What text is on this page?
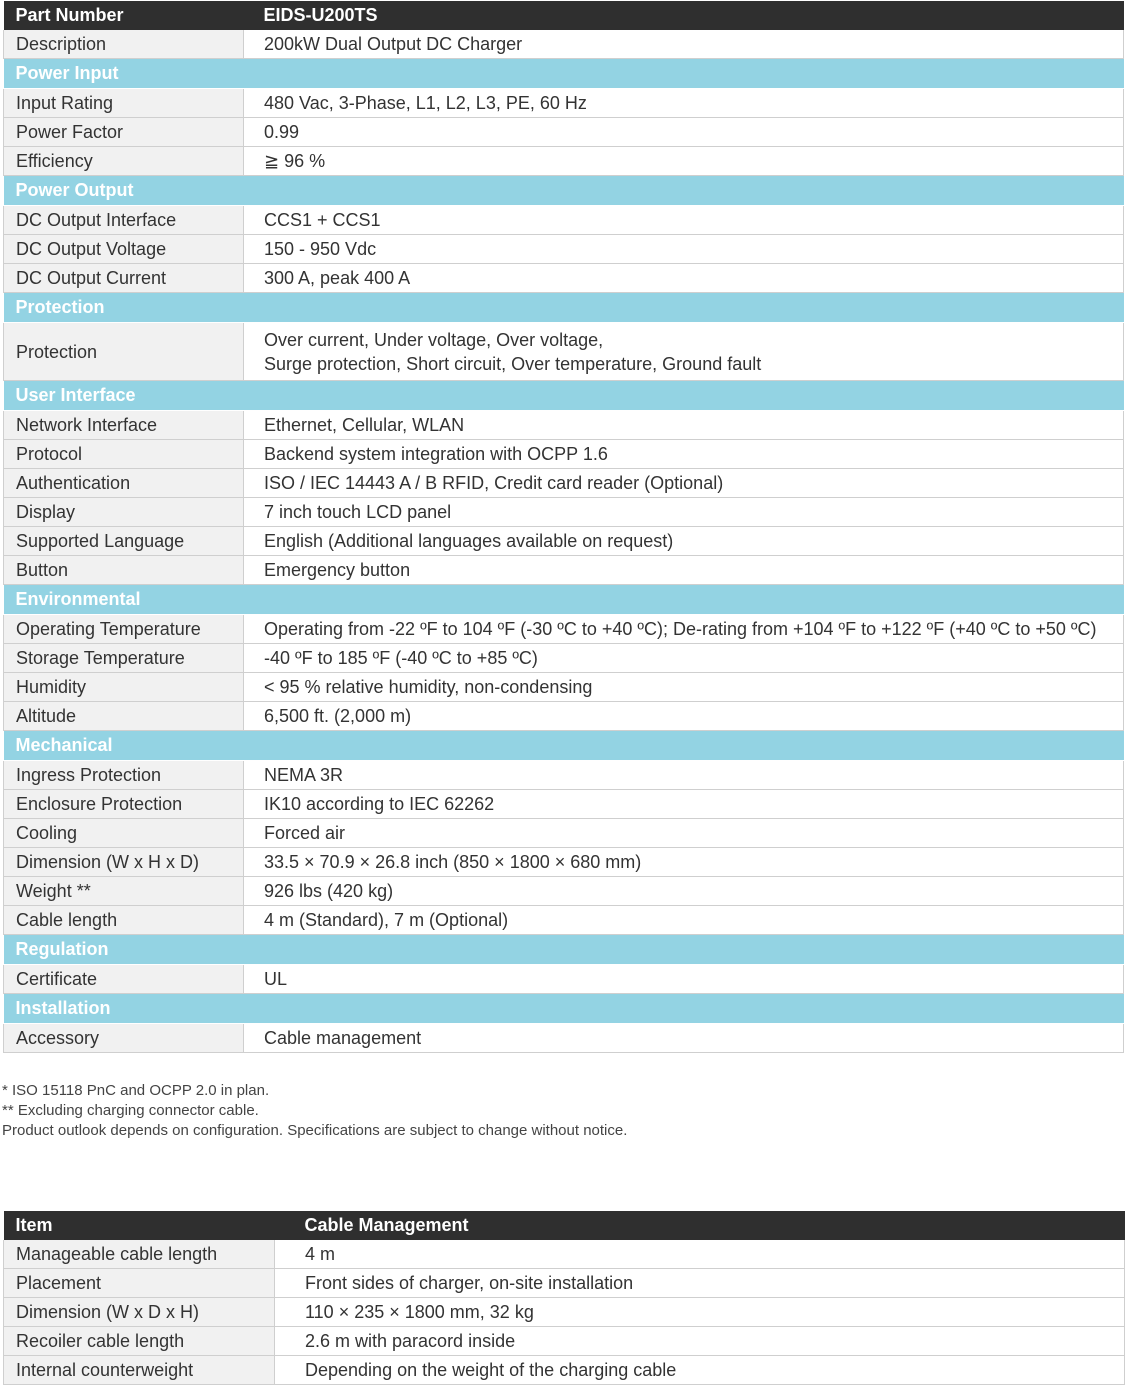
Part Number	EIDS-U200TS
Description	200kW Dual Output DC Charger
Power Input	
Input Rating	480 Vac, 3-Phase, L1, L2, L3, PE, 60 Hz
Power Factor	0.99
Efficiency	≧ 96 %
Power Output	
DC Output Interface	CCS1 + CCS1
DC Output Voltage	150 - 950 Vdc
DC Output Current	300 A, peak 400 A
Protection	
Protection	Over current, Under voltage, Over voltage,
Surge protection, Short circuit, Over temperature, Ground fault
User Interface	
Network Interface	Ethernet, Cellular, WLAN
Protocol	Backend system integration with OCPP 1.6
Authentication	ISO / IEC 14443 A / B RFID, Credit card reader (Optional)
Display	7 inch touch LCD panel
Supported Language	English (Additional languages available on request)
Button	Emergency button
Environmental	
Operating Temperature	Operating from -22 ºF to 104 ºF (-30 ºC to +40 ºC); De-rating from +104 ºF to +122 ºF (+40 ºC to +50 ºC)
Storage Temperature	-40 ºF to 185 ºF (-40 ºC to +85 ºC)
Humidity	< 95 % relative humidity, non-condensing
Altitude	6,500 ft. (2,000 m)
Mechanical	
Ingress Protection	NEMA 3R
Enclosure Protection	IK10 according to IEC 62262
Cooling	Forced air
Dimension (W x H x D)	33.5 × 70.9 × 26.8 inch (850 × 1800 × 680 mm)
Weight **	926 lbs (420 kg)
Cable length	4 m (Standard), 7 m (Optional)
Regulation	
Certificate	UL
Installation	
Accessory	Cable management
* ISO 15118 PnC and OCPP 2.0 in plan.
** Excluding charging connector cable.
Product outlook depends on configuration. Specifications are subject to change without notice.
Item	Cable Management
Manageable cable length	4 m
Placement	Front sides of charger, on-site installation
Dimension (W x D x H)	110 × 235 × 1800 mm, 32 kg
Recoiler cable length	2.6 m with paracord inside
Internal counterweight	Depending on the weight of the charging cable
